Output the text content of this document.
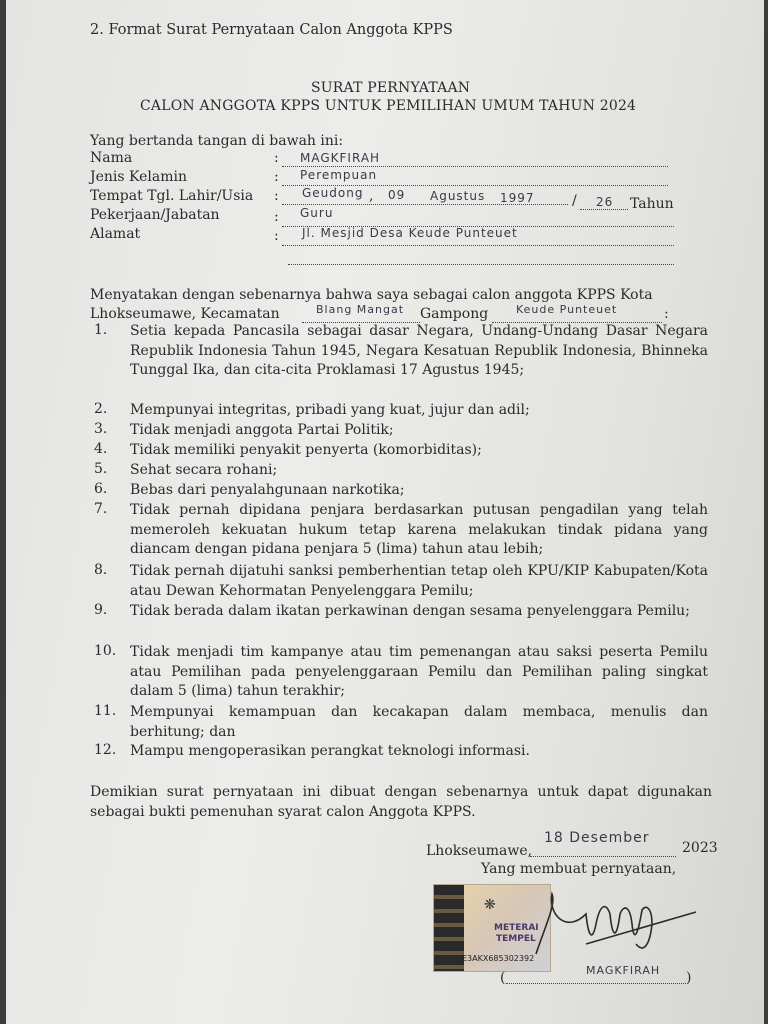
2. Format Surat Pernyataan Calon Anggota KPPS
SURAT PERNYATAAN
CALON ANGGOTA KPPS UNTUK PEMILIHAN UMUM TAHUN 2024
Yang bertanda tangan di bawah ini:
Nama	: MAGKFIRAH
Jenis Kelamin	: Perempuan
Tempat Tgl. Lahir/Usia : Geudong , 09 Agustus 1997	/ 26 Tahun
Pekerjaan/Jabatan	: Guru
Alamat	: Jl. Mesjid Desa Keude Punteuet
Menyatakan dengan sebenarnya bahwa saya sebagai calon anggota KPPS Kota
Lhokseumawe, Kecamatan	Blang Mangat Gampong	Keude Punteuet	:
1. Setia kepada Pancasila sebagai dasar Negara, Undang-Undang Dasar Negara Republik Indonesia Tahun 1945, Negara Kesatuan Republik Indonesia, Bhinneka Tunggal Ika, dan cita-cita Proklamasi 17 Agustus 1945;
2. Mempunyai integritas, pribadi yang kuat, jujur dan adil;
3. Tidak menjadi anggota Partai Politik;
4. Tidak memiliki penyakit penyerta (komorbiditas);
5. Sehat secara rohani;
6. Bebas dari penyalahgunaan narkotika;
7. Tidak pernah dipidana penjara berdasarkan putusan pengadilan yang telah memeroleh kekuatan hukum tetap karena melakukan tindak pidana yang diancam dengan pidana penjara 5 (lima) tahun atau lebih;
8. Tidak pernah dijatuhi sanksi pemberhentian tetap oleh KPU/KIP Kabupaten/Kota atau Dewan Kehormatan Penyelenggara Pemilu;
9. Tidak berada dalam ikatan perkawinan dengan sesama penyelenggara Pemilu;
10. Tidak menjadi tim kampanye atau tim pemenangan atau saksi peserta Pemilu atau Pemilihan pada penyelenggaraan Pemilu dan Pemilihan paling singkat dalam 5 (lima) tahun terakhir;
11. Mempunyai kemampuan dan kecakapan dalam membaca, menulis dan berhitung; dan
12. Mampu mengoperasikan perangkat teknologi informasi.
Demikian surat pernyataan ini dibuat dengan sebenarnya untuk dapat digunakan sebagai bukti pemenuhan syarat calon Anggota KPPS.
Lhokseumawe,
18 Desember
2023
Yang membuat pernyataan,
❋
METERAI
TEMPEL
E3AKX685302392
(	)
MAGKFIRAH
